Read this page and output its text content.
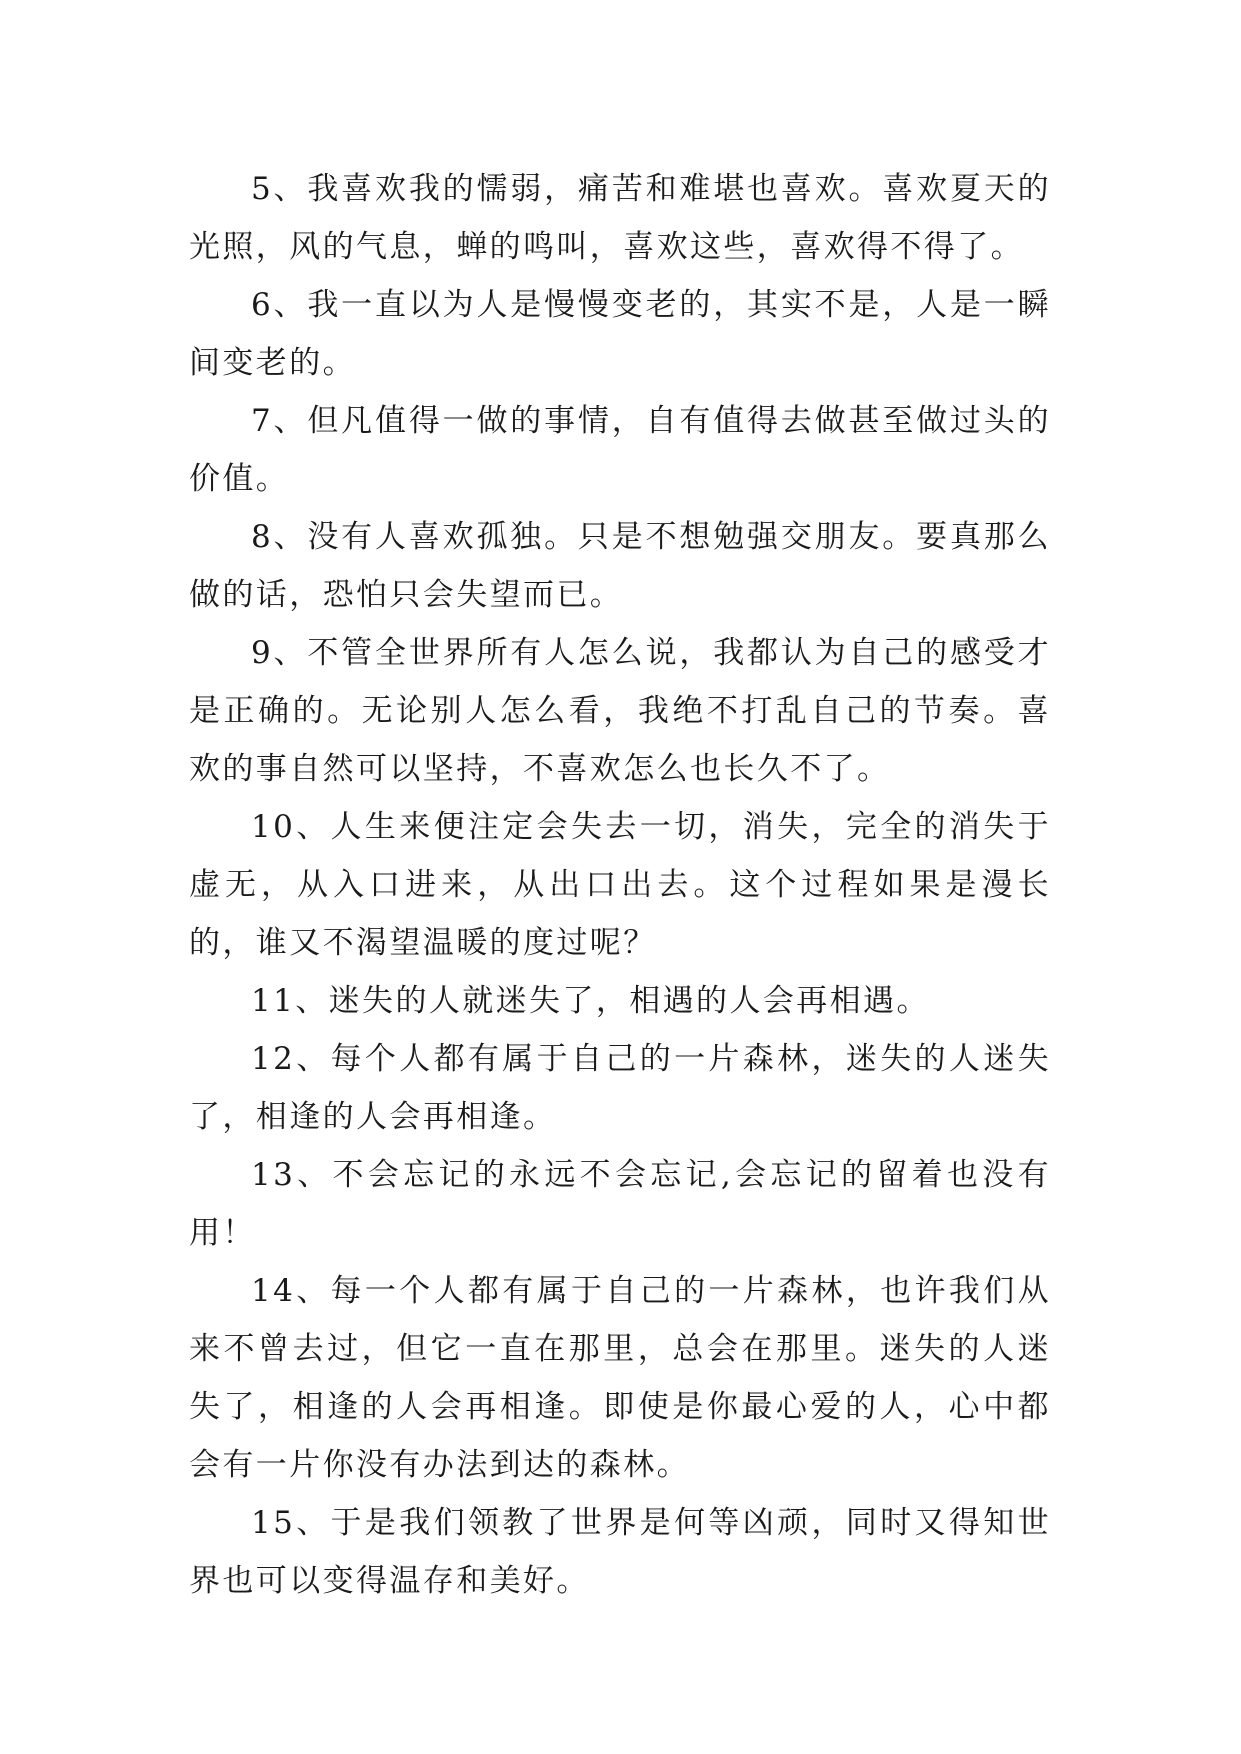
5、我喜欢我的懦弱，痛苦和难堪也喜欢。喜欢夏天的光照，风的气息，蝉的鸣叫，喜欢这些，喜欢得不得了。

6、我一直以为人是慢慢变老的，其实不是，人是一瞬间变老的。

7、但凡值得一做的事情，自有值得去做甚至做过头的价值。

8、没有人喜欢孤独。只是不想勉强交朋友。要真那么做的话，恐怕只会失望而已。

9、不管全世界所有人怎么说，我都认为自己的感受才是正确的。无论别人怎么看，我绝不打乱自己的节奏。喜欢的事自然可以坚持，不喜欢怎么也长久不了。

10、人生来便注定会失去一切，消失，完全的消失于虚无，从入口进来，从出口出去。这个过程如果是漫长的，谁又不渴望温暖的度过呢？

11、迷失的人就迷失了，相遇的人会再相遇。

12、每个人都有属于自己的一片森林，迷失的人迷失了，相逢的人会再相逢。

13、不会忘记的永远不会忘记,会忘记的留着也没有用！

14、每一个人都有属于自己的一片森林，也许我们从来不曾去过，但它一直在那里，总会在那里。迷失的人迷失了，相逢的人会再相逢。即使是你最心爱的人，心中都会有一片你没有办法到达的森林。

15、于是我们领教了世界是何等凶顽，同时又得知世界也可以变得温存和美好。
